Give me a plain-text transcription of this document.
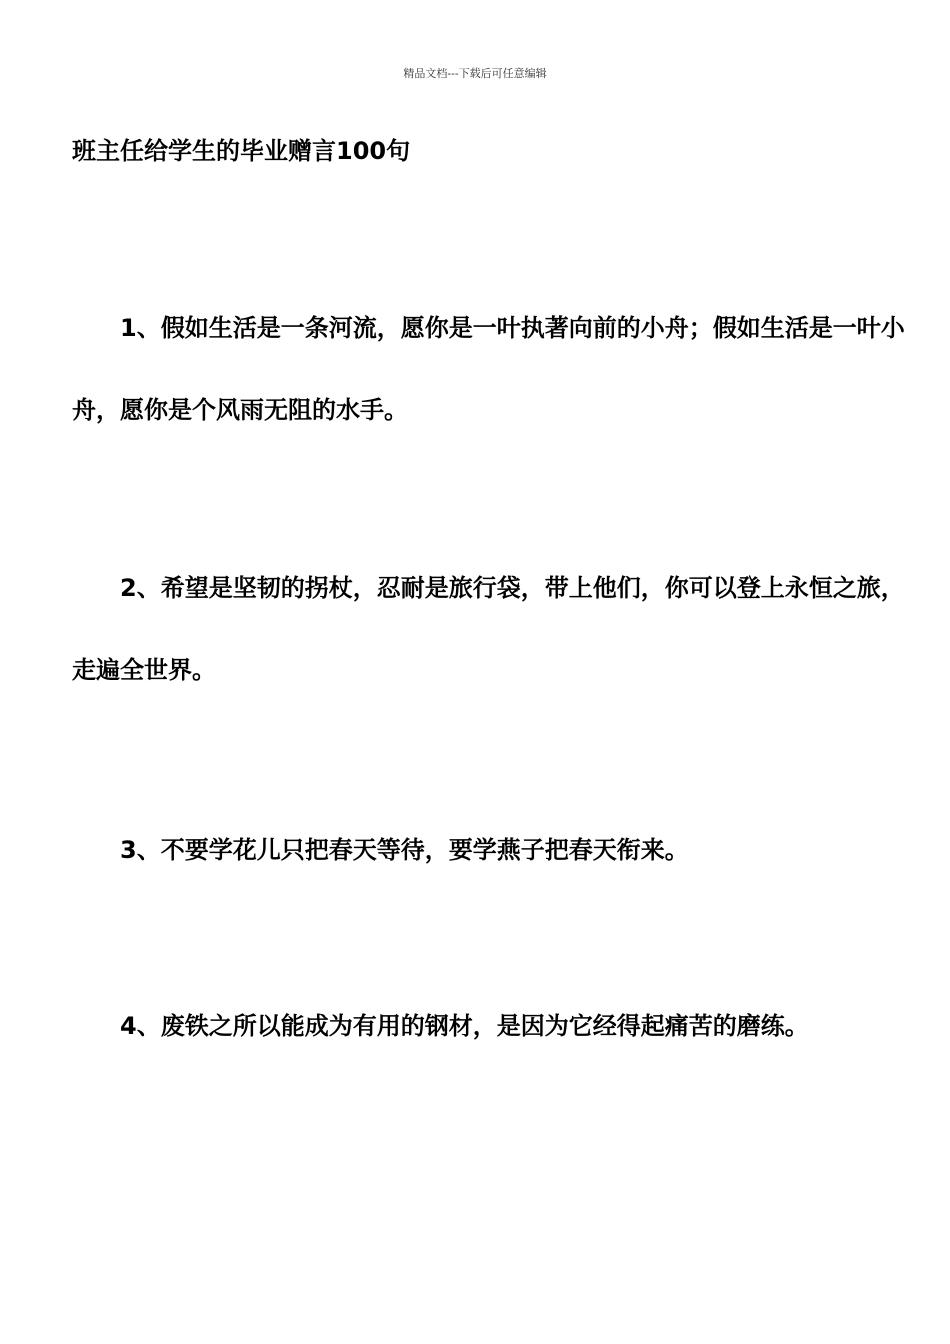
精品文档---下载后可任意编辑
班主任给学生的毕业赠言100句

1、假如生活是一条河流，愿你是一叶执著向前的小舟；假如生活是一叶小舟，愿你是个风雨无阻的水手。

2、希望是坚韧的拐杖，忍耐是旅行袋，带上他们，你可以登上永恒之旅，走遍全世界。

3、不要学花儿只把春天等待，要学燕子把春天衔来。

4、废铁之所以能成为有用的钢材，是因为它经得起痛苦的磨练。
